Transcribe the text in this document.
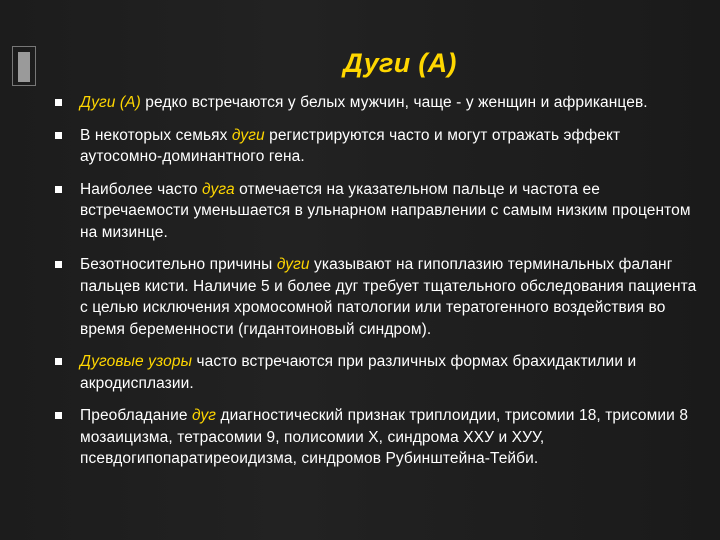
Дуги (А)
Дуги (А) редко встречаются у белых мужчин, чаще - у женщин и африканцев.
В некоторых семьях дуги регистрируются часто и могут отражать эффект аутосомно-доминантного гена.
Наиболее часто дуга отмечается на указательном пальце и частота ее встречаемости уменьшается в ульнарном направлении с самым низким процентом на мизинце.
Безотносительно причины дуги указывают на гипоплазию терминальных фаланг пальцев кисти. Наличие 5 и более дуг требует тщательного обследования пациента с целью исключения хромосомной патологии или тератогенного воздействия во время беременности (гидантоиновый синдром).
Дуговые узоры часто встречаются при различных формах брахидактилии и акродисплазии.
Преобладание дуг диагностический признак триплоидии, трисомии 18, трисомии 8 мозаицизма, тетрасомии 9, полисомии Х, синдрома ХХУ и ХУУ, псевдогипопаратиреоидизма, синдромов Рубинштейна-Тейби.
